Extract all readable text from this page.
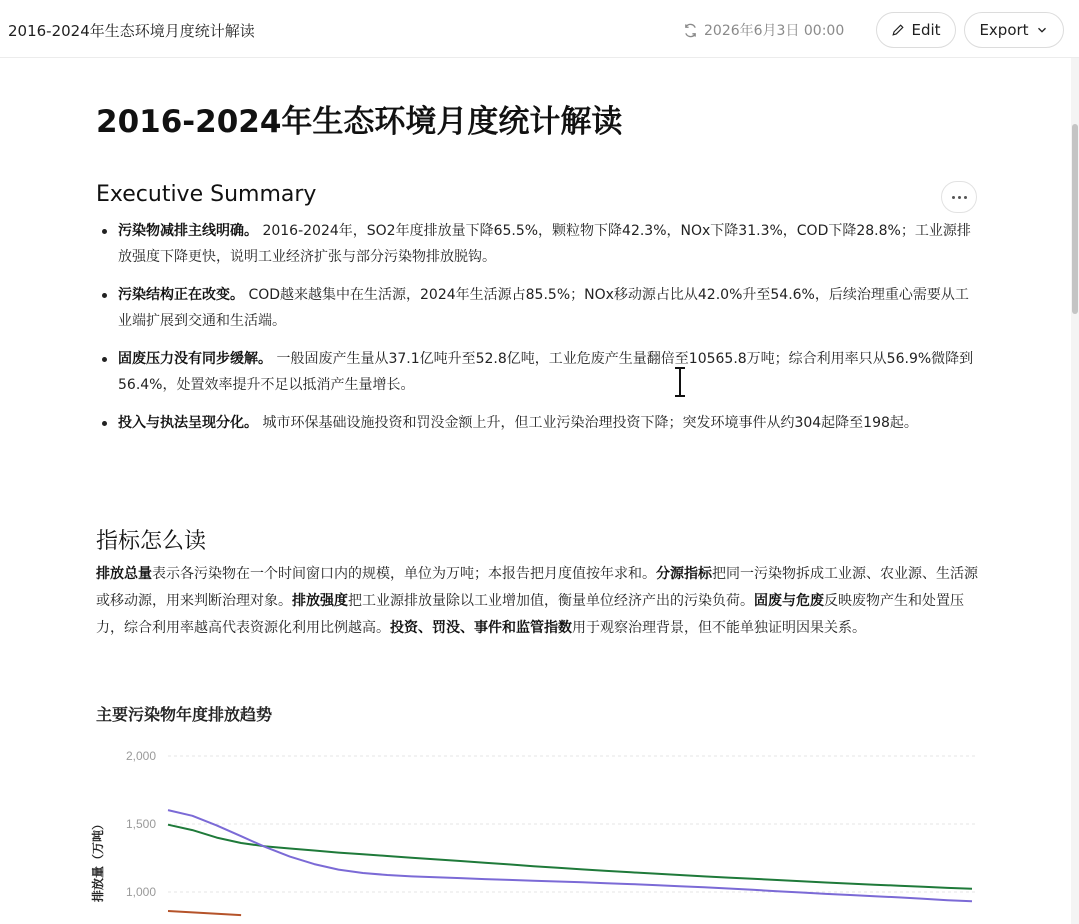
2016-2024年生态环境月度统计解读	2026年6月3日 00:00	Edit	Export
2016-2024年生态环境月度统计解读
Executive Summary
污染物减排主线明确。 2016-2024年，SO2年度排放量下降65.5%，颗粒物下降42.3%，NOx下降31.3%，COD下降28.8%；工业源排放强度下降更快，说明工业经济扩张与部分污染物排放脱钩。
污染结构正在改变。 COD越来越集中在生活源，2024年生活源占85.5%；NOx移动源占比从42.0%升至54.6%，后续治理重心需要从工业端扩展到交通和生活端。
固废压力没有同步缓解。 一般固废产生量从37.1亿吨升至52.8亿吨，工业危废产生量翻倍至10565.8万吨；综合利用率只从56.9%微降到56.4%，处置效率提升不足以抵消产生量增长。
投入与执法呈现分化。 城市环保基础设施投资和罚没金额上升，但工业污染治理投资下降；突发环境事件从约304起降至198起。
指标怎么读

排放总量表示各污染物在一个时间窗口内的规模，单位为万吨；本报告把月度值按年求和。分源指标把同一污染物拆成工业源、农业源、生活源或移动源，用来判断治理对象。排放强度把工业源排放量除以工业增加值，衡量单位经济产出的污染负荷。固废与危废反映废物产生和处置压力，综合利用率越高代表资源化利用比例越高。投资、罚没、事件和监管指数用于观察治理背景，但不能单独证明因果关系。

主要污染物年度排放趋势
2,000
1,500
1,000
排放量（万吨）
